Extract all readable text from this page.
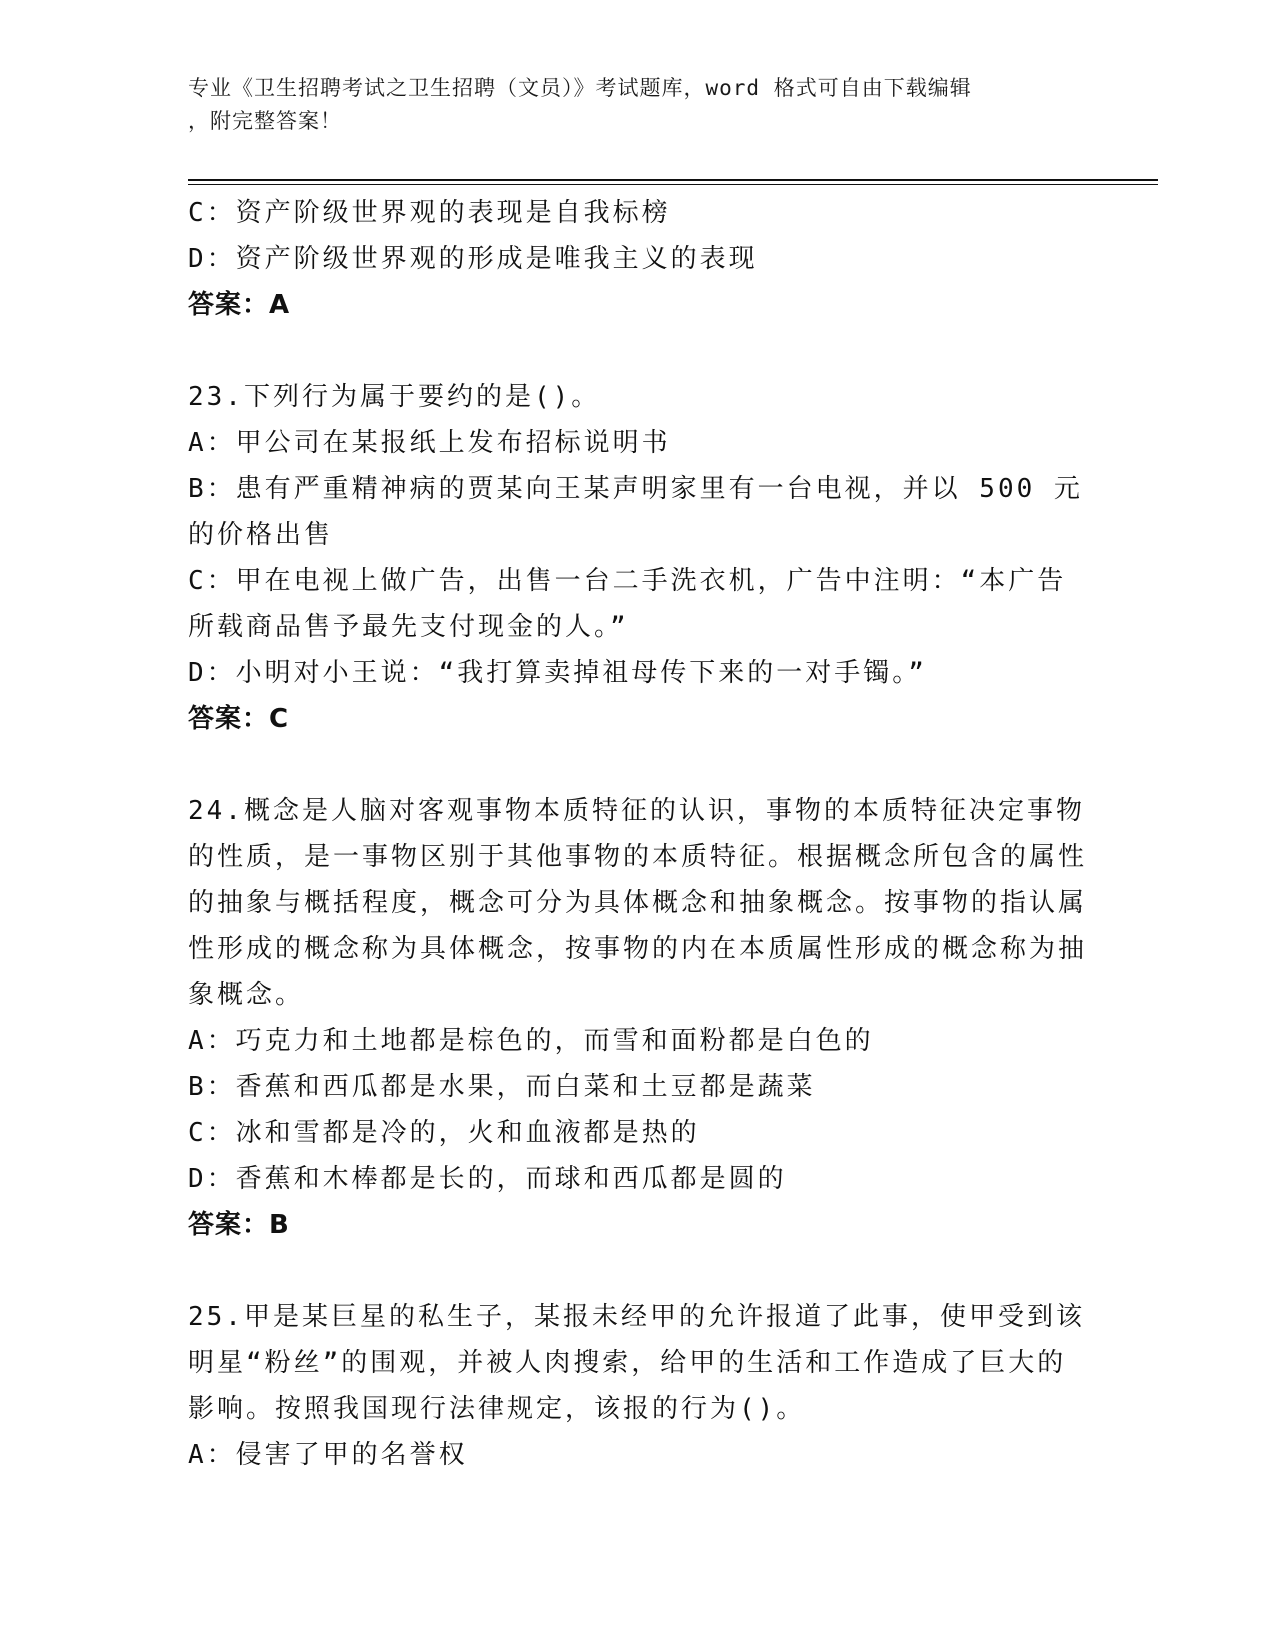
专业《卫生招聘考试之卫生招聘（文员）》考试题库，word 格式可自由下载编辑
，附完整答案！

C：资产阶级世界观的表现是自我标榜

D：资产阶级世界观的形成是唯我主义的表现

答案：A

23.下列行为属于要约的是()。

A：甲公司在某报纸上发布招标说明书

B：患有严重精神病的贾某向王某声明家里有一台电视，并以 500 元的价格出售

C：甲在电视上做广告，出售一台二手洗衣机，广告中注明：“本广告所载商品售予最先支付现金的人。”

D：小明对小王说：“我打算卖掉祖母传下来的一对手镯。”

答案：C

24.概念是人脑对客观事物本质特征的认识，事物的本质特征决定事物的性质，是一事物区别于其他事物的本质特征。根据概念所包含的属性的抽象与概括程度，概念可分为具体概念和抽象概念。按事物的指认属性形成的概念称为具体概念，按事物的内在本质属性形成的概念称为抽象概念。

A：巧克力和土地都是棕色的，而雪和面粉都是白色的

B：香蕉和西瓜都是水果，而白菜和土豆都是蔬菜

C：冰和雪都是冷的，火和血液都是热的

D：香蕉和木棒都是长的，而球和西瓜都是圆的

答案：B

25.甲是某巨星的私生子，某报未经甲的允许报道了此事，使甲受到该明星“粉丝”的围观，并被人肉搜索，给甲的生活和工作造成了巨大的影响。按照我国现行法律规定，该报的行为()。

A：侵害了甲的名誉权
